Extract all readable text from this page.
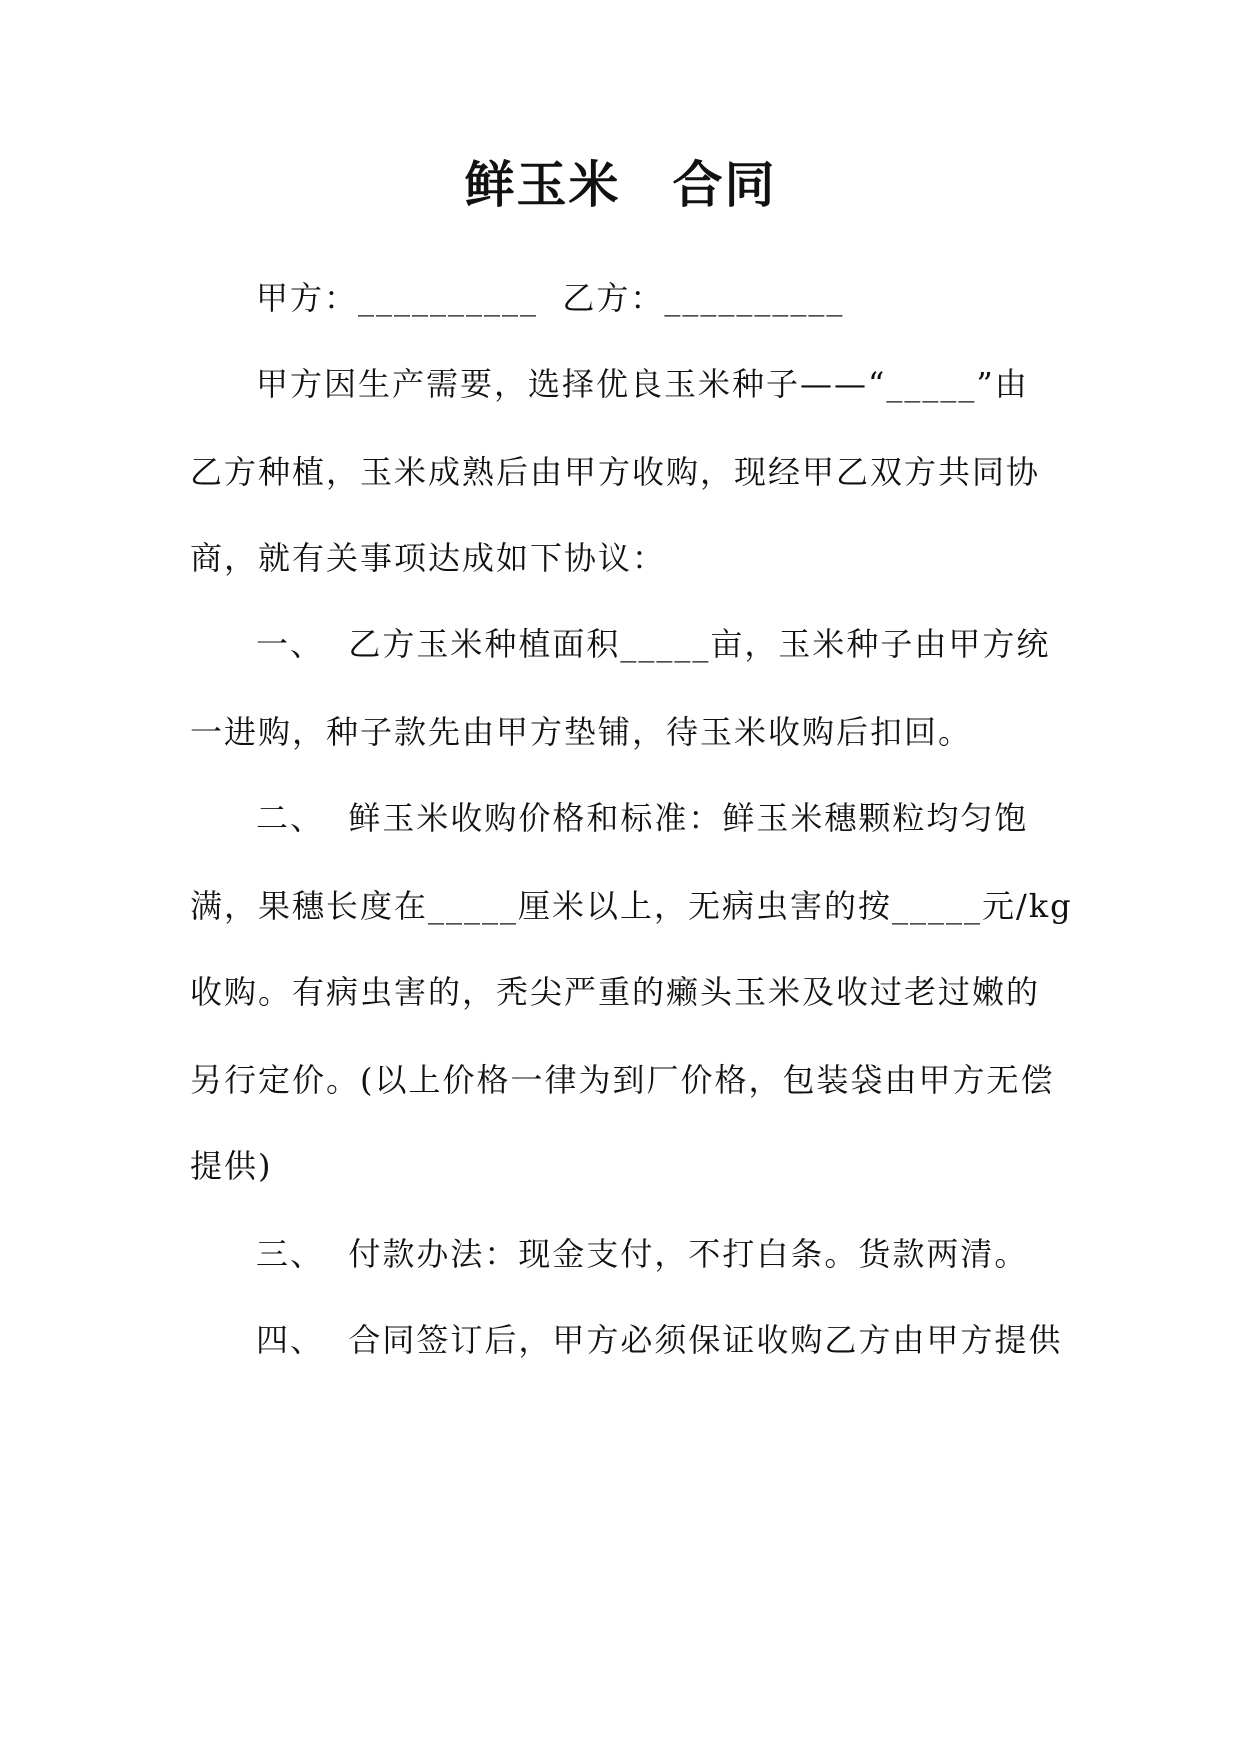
鲜玉米　合同
甲方：__________  乙方：__________
甲方因生产需要，选择优良玉米种子——“_____”由
乙方种植，玉米成熟后由甲方收购，现经甲乙双方共同协
商，就有关事项达成如下协议：
一、  乙方玉米种植面积_____亩，玉米种子由甲方统
一进购，种子款先由甲方垫铺，待玉米收购后扣回。
二、  鲜玉米收购价格和标准：鲜玉米穗颗粒均匀饱
满，果穗长度在_____厘米以上，无病虫害的按_____元/kg
收购。有病虫害的，秃尖严重的癞头玉米及收过老过嫩的
另行定价。(以上价格一律为到厂价格，包装袋由甲方无偿
提供)
三、  付款办法：现金支付，不打白条。货款两清。
四、  合同签订后，甲方必须保证收购乙方由甲方提供
